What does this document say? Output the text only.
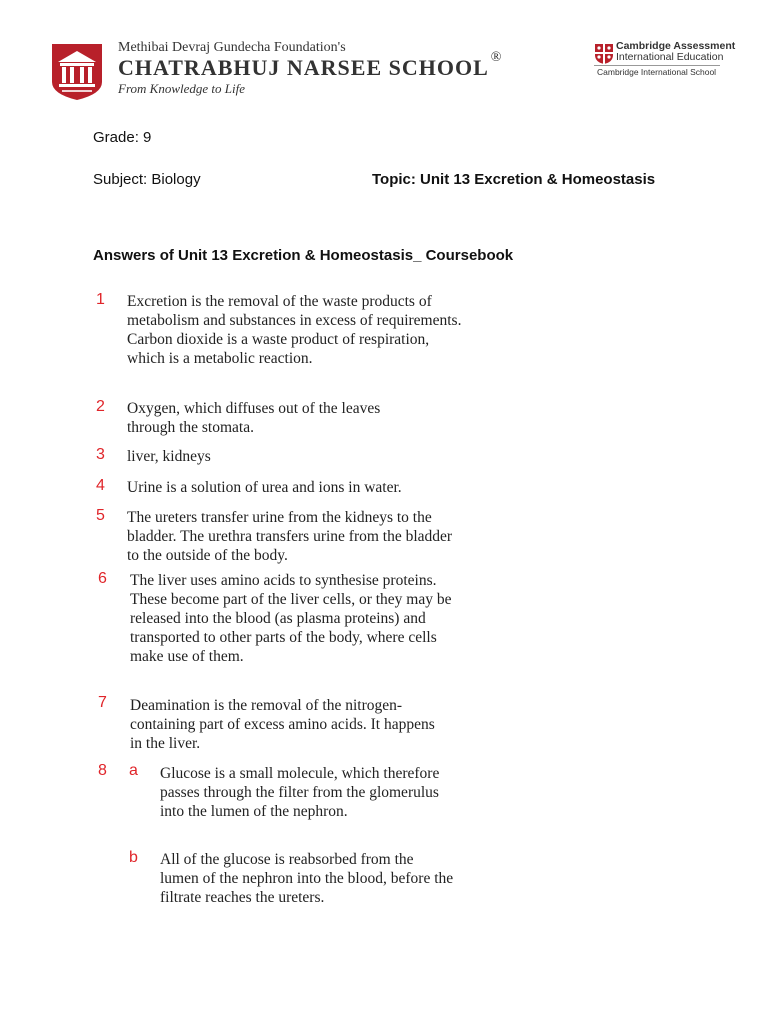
Methibai Devraj Gundecha Foundation's
CHATRABHUJ NARSEE SCHOOL ®
From Knowledge to Life
Cambridge Assessment
International Education
Cambridge International School
Grade: 9
Subject: Biology	Topic: Unit 13 Excretion & Homeostasis
Answers of Unit 13 Excretion & Homeostasis_ Coursebook
1 Excretion is the removal of the waste products of metabolism and substances in excess of requirements. Carbon dioxide is a waste product of respiration, which is a metabolic reaction.
2 Oxygen, which diffuses out of the leaves through the stomata.
3 liver, kidneys
4 Urine is a solution of urea and ions in water.
5 The ureters transfer urine from the kidneys to the bladder. The urethra transfers urine from the bladder to the outside of the body.
6 The liver uses amino acids to synthesise proteins. These become part of the liver cells, or they may be released into the blood (as plasma proteins) and transported to other parts of the body, where cells make use of them.
7 Deamination is the removal of the nitrogen-containing part of excess amino acids. It happens in the liver.
8 a Glucose is a small molecule, which therefore passes through the filter from the glomerulus into the lumen of the nephron.
b All of the glucose is reabsorbed from the lumen of the nephron into the blood, before the filtrate reaches the ureters.
